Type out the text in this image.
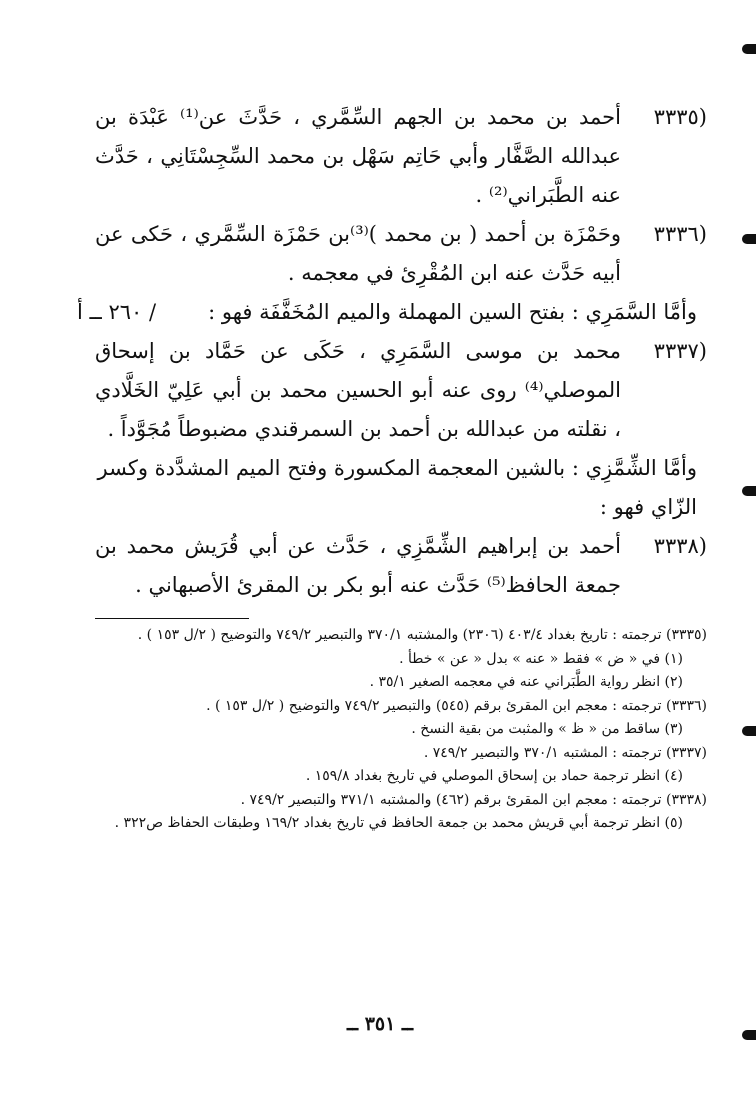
(٣٣٣٥
أحمد بن محمد بن الجهم السِّمَّري ، حَدَّثَ عن⁽¹⁾ عَبْدَة بن عبدالله الصَّفَّار وأبي حَاتِم سَهْل بن محمد السِّجِسْتَانِي ، حَدَّث عنه الطَّبَراني⁽²⁾ .
(٣٣٣٦
وحَمْزَة بن أحمد ( بن محمد )⁽³⁾بن حَمْزَة السِّمَّري ، حَكى عن أبيه حَدَّث عنه ابن المُقْرِئ في معجمه .
وأمَّا السَّمَرِي : بفتح السين المهملة والميم المُخَفَّفَة فهو :
/ ٢٦٠ ــ أ
(٣٣٣٧
محمد بن موسى السَّمَرِي ، حَكَى عن حَمَّاد بن إسحاق الموصلي⁽⁴⁾ روى عنه أبو الحسين محمد بن أبي عَلِيّ الخَلَّادي ، نقلته من عبدالله بن أحمد بن السمرقندي مضبوطاً مُجَوَّداً .
وأمَّا الشِّمَّزِي : بالشين المعجمة المكسورة وفتح الميم المشدَّدة وكسر الزّاي فهو :
(٣٣٣٨
أحمد بن إبراهيم الشِّمَّزِي ، حَدَّث عن أبي قُرَيش محمد بن جمعة الحافظ⁽⁵⁾ حَدَّث عنه أبو بكر بن المقرئ الأصبهاني .
(٣٣٣٥) ترجمته : تاريخ بغداد ٤٠٣/٤ (٢٣٠٦) والمشتبه ٣٧٠/١ والتبصير ٧٤٩/٢ والتوضيح ( ٢/ل ١٥٣ ) .
(١) في « ض » فقط « عنه » بدل « عن » خطأ .
(٢) انظر رواية الطَّبَراني عنه في معجمه الصغير ٣٥/١ .
(٣٣٣٦) ترجمته : معجم ابن المقرئ برقم (٥٤٥) والتبصير ٧٤٩/٢ والتوضيح ( ٢/ل ١٥٣ ) .
(٣) ساقط من « ظ » والمثبت من بقية النسخ .
(٣٣٣٧) ترجمته : المشتبه ٣٧٠/١ والتبصير ٧٤٩/٢ .
(٤) انظر ترجمة حماد بن إسحاق الموصلي في تاريخ بغداد ١٥٩/٨ .
(٣٣٣٨) ترجمته : معجم ابن المقرئ برقم (٤٦٢) والمشتبه ٣٧١/١ والتبصير ٧٤٩/٢ .
(٥) انظر ترجمة أبي قريش محمد بن جمعة الحافظ في تاريخ بغداد ١٦٩/٢ وطبقات الحفاظ ص٣٢٢ .
ــ ٣٥١ ــ
